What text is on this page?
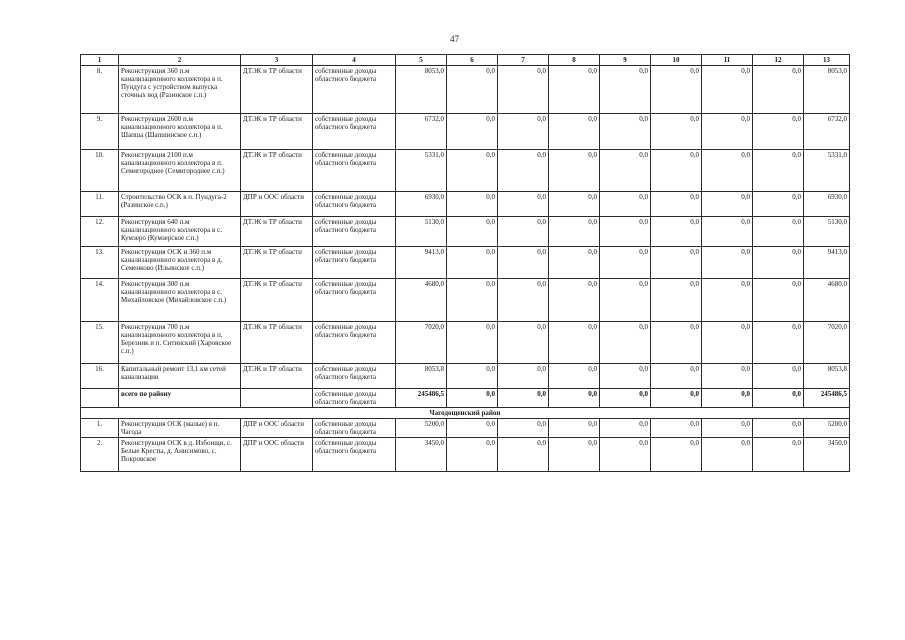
47
1	2	3	4	5	6	7	8	9	10	11	12	13
8.	Реконструкция 360 п.м канализационного коллектора в п. Пундуга с устройством выпуска сточных вод (Разинское с.п.)	ДТЭК и ТР области	собственные доходы областного бюджета	8053,0	0,0	0,0	0,0	0,0	0,0	0,0	0,0	8053,0
9.	Реконструкция 2600 п.м канализационного коллектора в п. Шапша (Шапшинское с.п.)	ДТЭК и ТР области	собственные доходы областного бюджета	6732,0	0,0	0,0	0,0	0,0	0,0	0,0	0,0	6732,0
10.	Реконструкция 2100 п.м канализационного коллектора в п. Семигороднее (Семигороднее с.п.)	ДТЭК и ТР области	собственные доходы областного бюджета	5331,0	0,0	0,0	0,0	0,0	0,0	0,0	0,0	5331,0
11.	Строительство ОСК в п. Пундуга-2 (Разинское с.п.)	ДПР и ООС области	собственные доходы областного бюджета	6930,0	0,0	0,0	0,0	0,0	0,0	0,0	0,0	6930,0
12.	Реконструкция 640 п.м канализационного коллектора в с. Кумзеро (Кумзерское с.п.)	ДТЭК и ТР области	собственные доходы областного бюджета	5130,0	0,0	0,0	0,0	0,0	0,0	0,0	0,0	5130,0
13.	Реконструкция ОСК и 360 п.м канализационного коллектора в д. Семенково (Ильинское с.п.)	ДТЭК и ТР области	собственные доходы областного бюджета	9413,0	0,0	0,0	0,0	0,0	0,0	0,0	0,0	9413,0
14.	Реконструкция 300 п.м канализационного коллектора в с. Михайловское (Михайловское с.п.)	ДТЭК и ТР области	собственные доходы областного бюджета	4680,0	0,0	0,0	0,0	0,0	0,0	0,0	0,0	4680,0
15.	Реконструкция 700 п.м канализационного коллектора в п. Березник и п. Ситинский (Харовское с.п.)	ДТЭК и ТР области	собственные доходы областного бюджета	7020,0	0,0	0,0	0,0	0,0	0,0	0,0	0,0	7020,0
16.	Капитальный ремонт 13,1 км сетей канализации	ДТЭК и ТР области	собственные доходы областного бюджета	8053,8	0,0	0,0	0,0	0,0	0,0	0,0	0,0	8053,8
	всего по району		собственные доходы областного бюджета	245486,5	0,0	0,0	0,0	0,0	0,0	0,0	0,0	245486,5
Чагодощенский район												
1.	Реконструкция ОСК (малые) в п. Чагода	ДПР и ООС области	собственные доходы областного бюджета	5200,0	0,0	0,0	0,0	0,0	0,0	0,0	0,0	5200,0
2.	Реконструкция ОСК в д. Избоищи, с. Белые Кресты, д. Анисимово, с. Покровское	ДПР и ООС области	собственные доходы областного бюджета	3450,0	0,0	0,0	0,0	0,0	0,0	0,0	0,0	3450,0
